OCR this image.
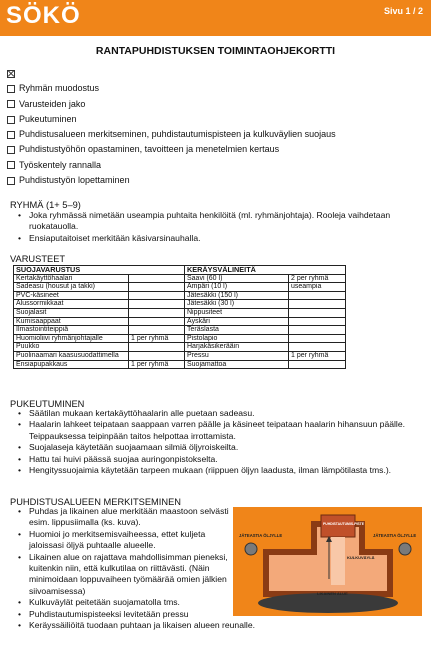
SÖKÖ	Sivu 1 / 2
RANTAPUHDISTUKSEN TOIMINTAOHJEKORTTI
Ryhmän muodostus
Varusteiden jako
Pukeutuminen
Puhdistusalueen merkitseminen, puhdistautumispisteen ja kulkuväylien suojaus
Puhdistustyöhön opastaminen, tavoitteen ja menetelmien kertaus
Työskentely rannalla
Puhdistustyön lopettaminen
RYHMÄ (1+ 5–9)
• Joka ryhmässä nimetään useampia puhtaita henkilöitä (ml. ryhmänjohtaja). Rooleja vaihdetaan ruokatauolla.
• Ensiaputaitoiset merkitään käsivarsinauhalla.
VARUSTEET
SUOJAVARUSTUS		KERÄYSVÄLINEITÄ	
Kertakäyttöhaalari		Saavi (60 l)	2 per ryhmä
Sadeasu (housut ja takki)		Ämpäri (10 l)	useampia
PVC-käsineet		Jätesäkki (150 l)	
Alussormikkaat		Jätesäkki (30 l)	
Suojalasit		Nippusiteet	
Kumisaappaat		Äyskäri	
Ilmastointiteippiä		Teräslasta	
Huomioliivi ryhmänjohtajalle	1 per ryhmä	Pistolapio	
Puukko		Harjakäsikerääin	
Puolinaamari kaasusuodattimella		Pressu	1 per ryhmä
Ensiapupakkaus	1 per ryhmä	Suojamattoa	
PUKEUTUMINEN
• Säätilan mukaan kertakäyttöhaalarin alle puetaan sadeasu.
• Haalarin lahkeet teipataan saappaan varren päälle ja käsineet teipataan haalarin hihansuun päälle. Teippauksessa teipinpään taitos helpottaa irrottamista.
• Suojalaseja käytetään suojaamaan silmiä öljyroiskeilta.
• Hattu tai huivi päässä suojaa auringonpistokselta.
• Hengityssuojaimia käytetään tarpeen mukaan (riippuen öljyn laadusta, ilman lämpötilasta tms.).
PUHDISTUSALUEEN MERKITSEMINEN
• Puhdas ja likainen alue merkitään maastoon selvästi esim. lippusiimalla (ks. kuva).
• Huomioi jo merkitsemisvaiheessa, ettet kuljeta jaloissasi öljyä puhtaalle alueelle.
• Likainen alue on rajattava mahdollisimman pieneksi, kuitenkin niin, että kulkutilaa on riittävästi. (Näin minimoidaan loppuvaiheen työmäärää omien jälkien siivoamisessa)
• Kulkuväylät peitetään suojamatolla tms.
• Puhdistautumispisteeksi levitetään pressu
• Keräyssäiliöitä tuodaan puhtaan ja likaisen alueen reunalle.
JÄTEASTIA ÖLJYLLE	JÄTEASTIA ÖLJYLLE
PUHDISTAUTUMIS-PISTE
KULKUVÄYLÄ
LIKAINEN ALUE
